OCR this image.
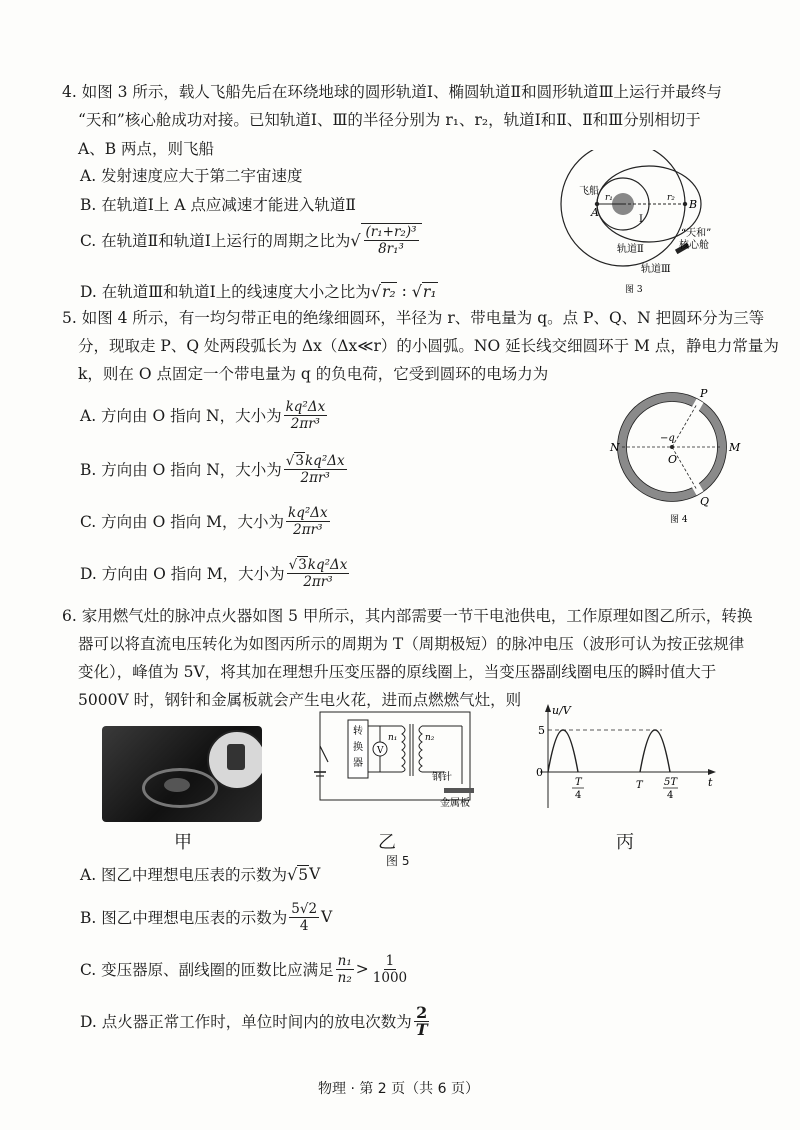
4. 如图 3 所示，载人飞船先后在环绕地球的圆形轨道Ⅰ、椭圆轨道Ⅱ和圆形轨道Ⅲ上运行并最终与
“天和”核心舱成功对接。已知轨道Ⅰ、Ⅲ的半径分别为 r₁、r₂，轨道Ⅰ和Ⅱ、Ⅱ和Ⅲ分别相切于
A、B 两点，则飞船
A. 发射速度应大于第二宇宙速度
B. 在轨道Ⅰ上 A 点应减速才能进入轨道Ⅱ
C. 在轨道Ⅱ和轨道Ⅰ上运行的周期之比为 √ $\frac{\text{(r₁+r₂)³}}{\text{8r₁³}}$
D. 在轨道Ⅲ和轨道Ⅰ上的线速度大小之比为 √ r₂ : √ r₁
飞船
A
B
r₁	r₂
Ⅰ
轨道Ⅱ
轨道Ⅲ
“天和”
核心舱
图 3
5. 如图 4 所示，有一均匀带正电的绝缘细圆环，半径为 r、带电量为 q。点 P、Q、N 把圆环分为三等
分，现取走 P、Q 处两段弧长为 Δx（Δx≪r）的小圆弧。NO 延长线交细圆环于 M 点，静电力常量为
k，则在 O 点固定一个带电量为 q 的负电荷，它受到圆环的电场力为
A. 方向由 O 指向 N，大小为 $\frac{\text{kq²Δx}}{\text{2πr³}}$
B. 方向由 O 指向 N，大小为 $\frac{\text{√3kq²Δx}}{\text{2πr³}}$
C. 方向由 O 指向 M，大小为 $\frac{\text{kq²Δx}}{\text{2πr³}}$
D. 方向由 O 指向 M，大小为 $\frac{\text{√3kq²Δx}}{\text{2πr³}}$
P
Q
N	M
O
−q
图 4
6. 家用燃气灶的脉冲点火器如图 5 甲所示，其内部需要一节干电池供电，工作原理如图乙所示，转换
器可以将直流电压转化为如图丙所示的周期为 T（周期极短）的脉冲电压（波形可认为按正弦规律
变化），峰值为 5V，将其加在理想升压变压器的原线圈上，当变压器副线圈电压的瞬时值大于
5000V 时，钢针和金属板就会产生电火花，进而点燃燃气灶，则
甲
转
换
器
V
n₁	n₂
钢针
金属板
乙
图 5
u/V
5
0
T
4
T 5T
4
t
丙
A. 图乙中理想电压表的示数为 √ 5 V
B. 图乙中理想电压表的示数为 $\frac{5√2}{4}$ V
C. 变压器原、副线圈的匝数比应满足 $\frac{\text{n₁}}{\text{n₂}} > \frac{1}{1000}$
D. 点火器正常工作时，单位时间内的放电次数为 $\frac{2}{T}$
物理 · 第 2 页（共 6 页）
